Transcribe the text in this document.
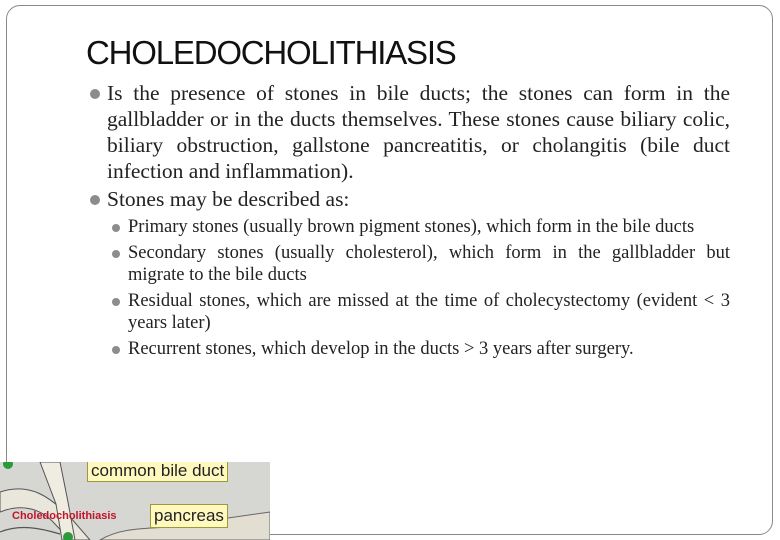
CHOLEDOCHOLITHIASIS
Is the presence of stones in bile ducts; the stones can form in the gallbladder or in the ducts themselves. These stones cause biliary colic, biliary obstruction, gallstone pancreatitis, or cholangitis (bile duct infection and inflammation).
Stones may be described as:
Primary stones (usually brown pigment stones), which form in the bile ducts
Secondary stones (usually cholesterol), which form in the gallbladder but migrate to the bile ducts
Residual stones, which are missed at the time of cholecystectomy (evident < 3 years later)
Recurrent stones, which develop in the ducts > 3 years after surgery.
common bile duct
pancreas
Choledocholithiasis
